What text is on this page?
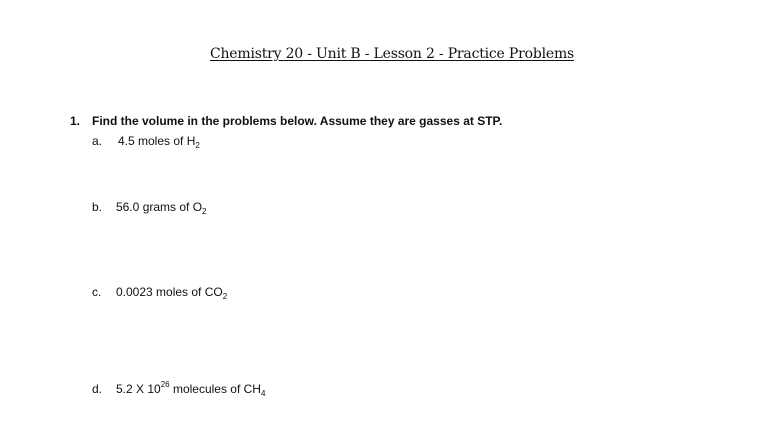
Chemistry 20 - Unit B - Lesson 2 - Practice Problems
1. Find the volume in the problems below. Assume they are gasses at STP.
a. 4.5 moles of $H_2$
b. 56.0 grams of $O_2$
c. 0.0023 moles of $CO_2$
d. 5.2 X $10^{26}$ molecules of $CH_4$
